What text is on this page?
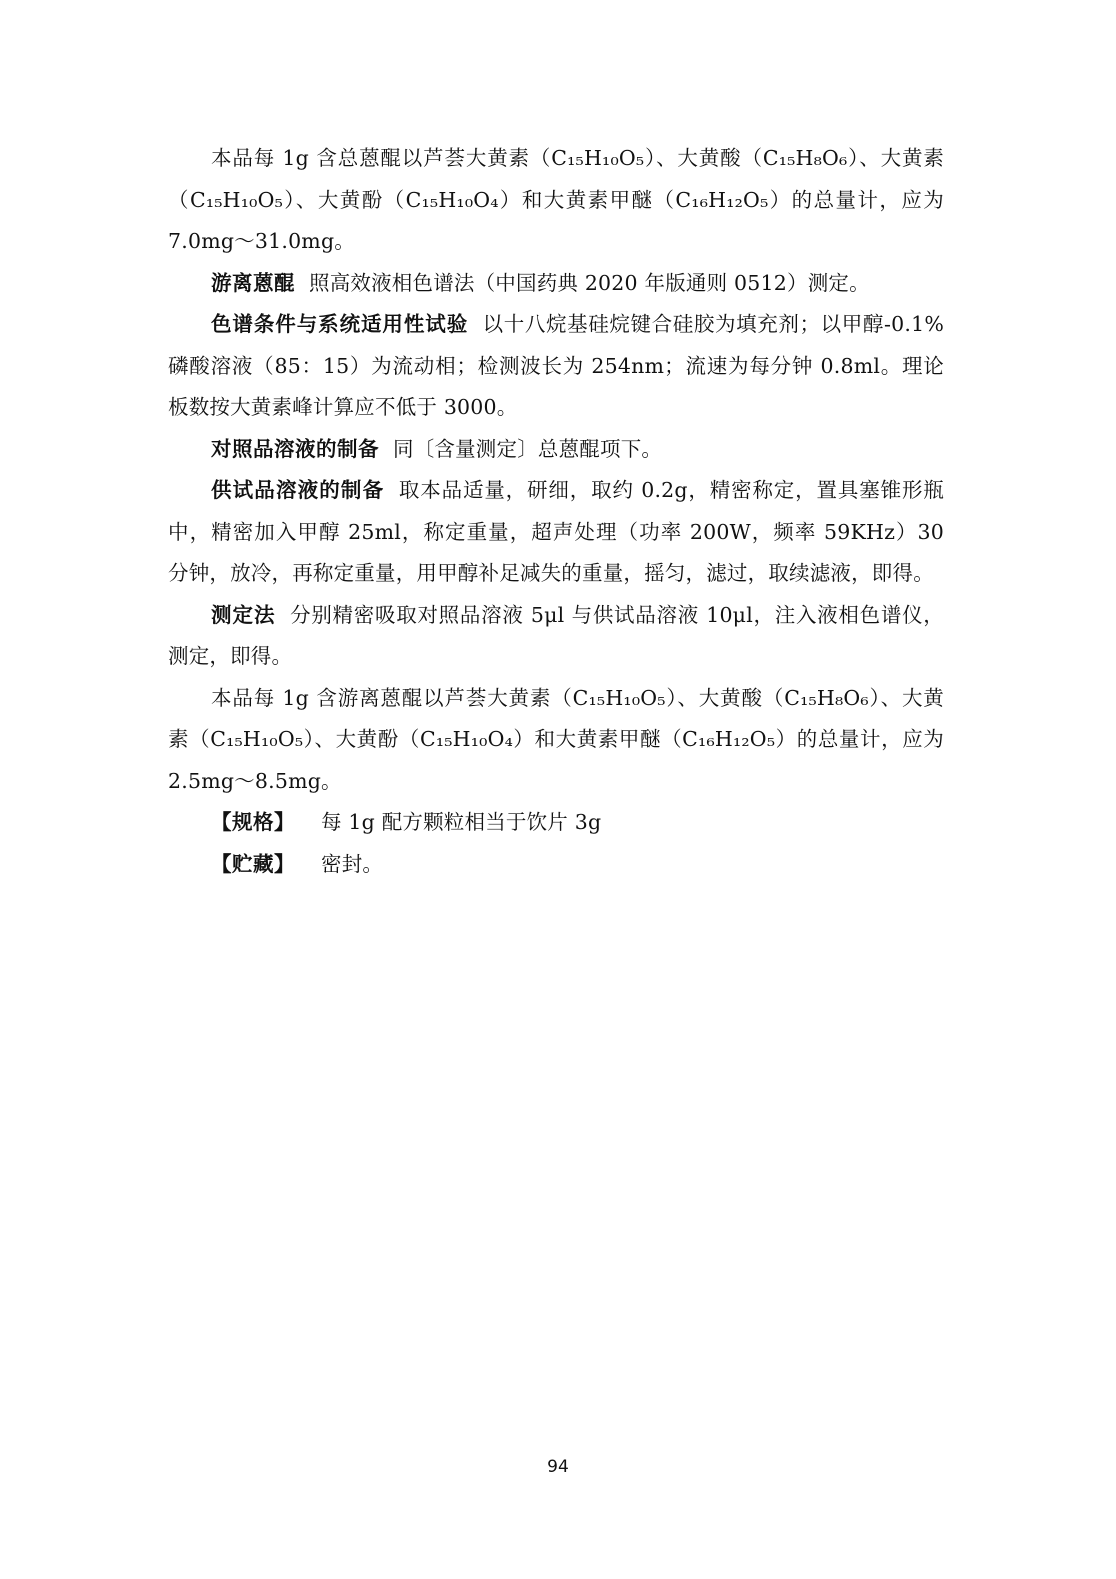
本品每 1g 含总蒽醌以芦荟大黄素（C₁₅H₁₀O₅）、大黄酸（C₁₅H₈O₆）、大黄素（C₁₅H₁₀O₅）、大黄酚（C₁₅H₁₀O₄）和大黄素甲醚（C₁₆H₁₂O₅）的总量计，应为 7.0mg～31.0mg。

游离蒽醌 照高效液相色谱法（中国药典 2020 年版通则 0512）测定。

色谱条件与系统适用性试验 以十八烷基硅烷键合硅胶为填充剂；以甲醇-0.1%磷酸溶液（85：15）为流动相；检测波长为 254nm；流速为每分钟 0.8ml。理论板数按大黄素峰计算应不低于 3000。

对照品溶液的制备 同〔含量测定〕总蒽醌项下。

供试品溶液的制备 取本品适量，研细，取约 0.2g，精密称定，置具塞锥形瓶中，精密加入甲醇 25ml，称定重量，超声处理（功率 200W，频率 59KHz）30 分钟，放冷，再称定重量，用甲醇补足减失的重量，摇匀，滤过，取续滤液，即得。

测定法 分别精密吸取对照品溶液 5μl 与供试品溶液 10μl，注入液相色谱仪，测定，即得。

本品每 1g 含游离蒽醌以芦荟大黄素（C₁₅H₁₀O₅）、大黄酸（C₁₅H₈O₆）、大黄素（C₁₅H₁₀O₅）、大黄酚（C₁₅H₁₀O₄）和大黄素甲醚（C₁₆H₁₂O₅）的总量计，应为 2.5mg～8.5mg。

【规格】 每 1g 配方颗粒相当于饮片 3g

【贮藏】 密封。

94
